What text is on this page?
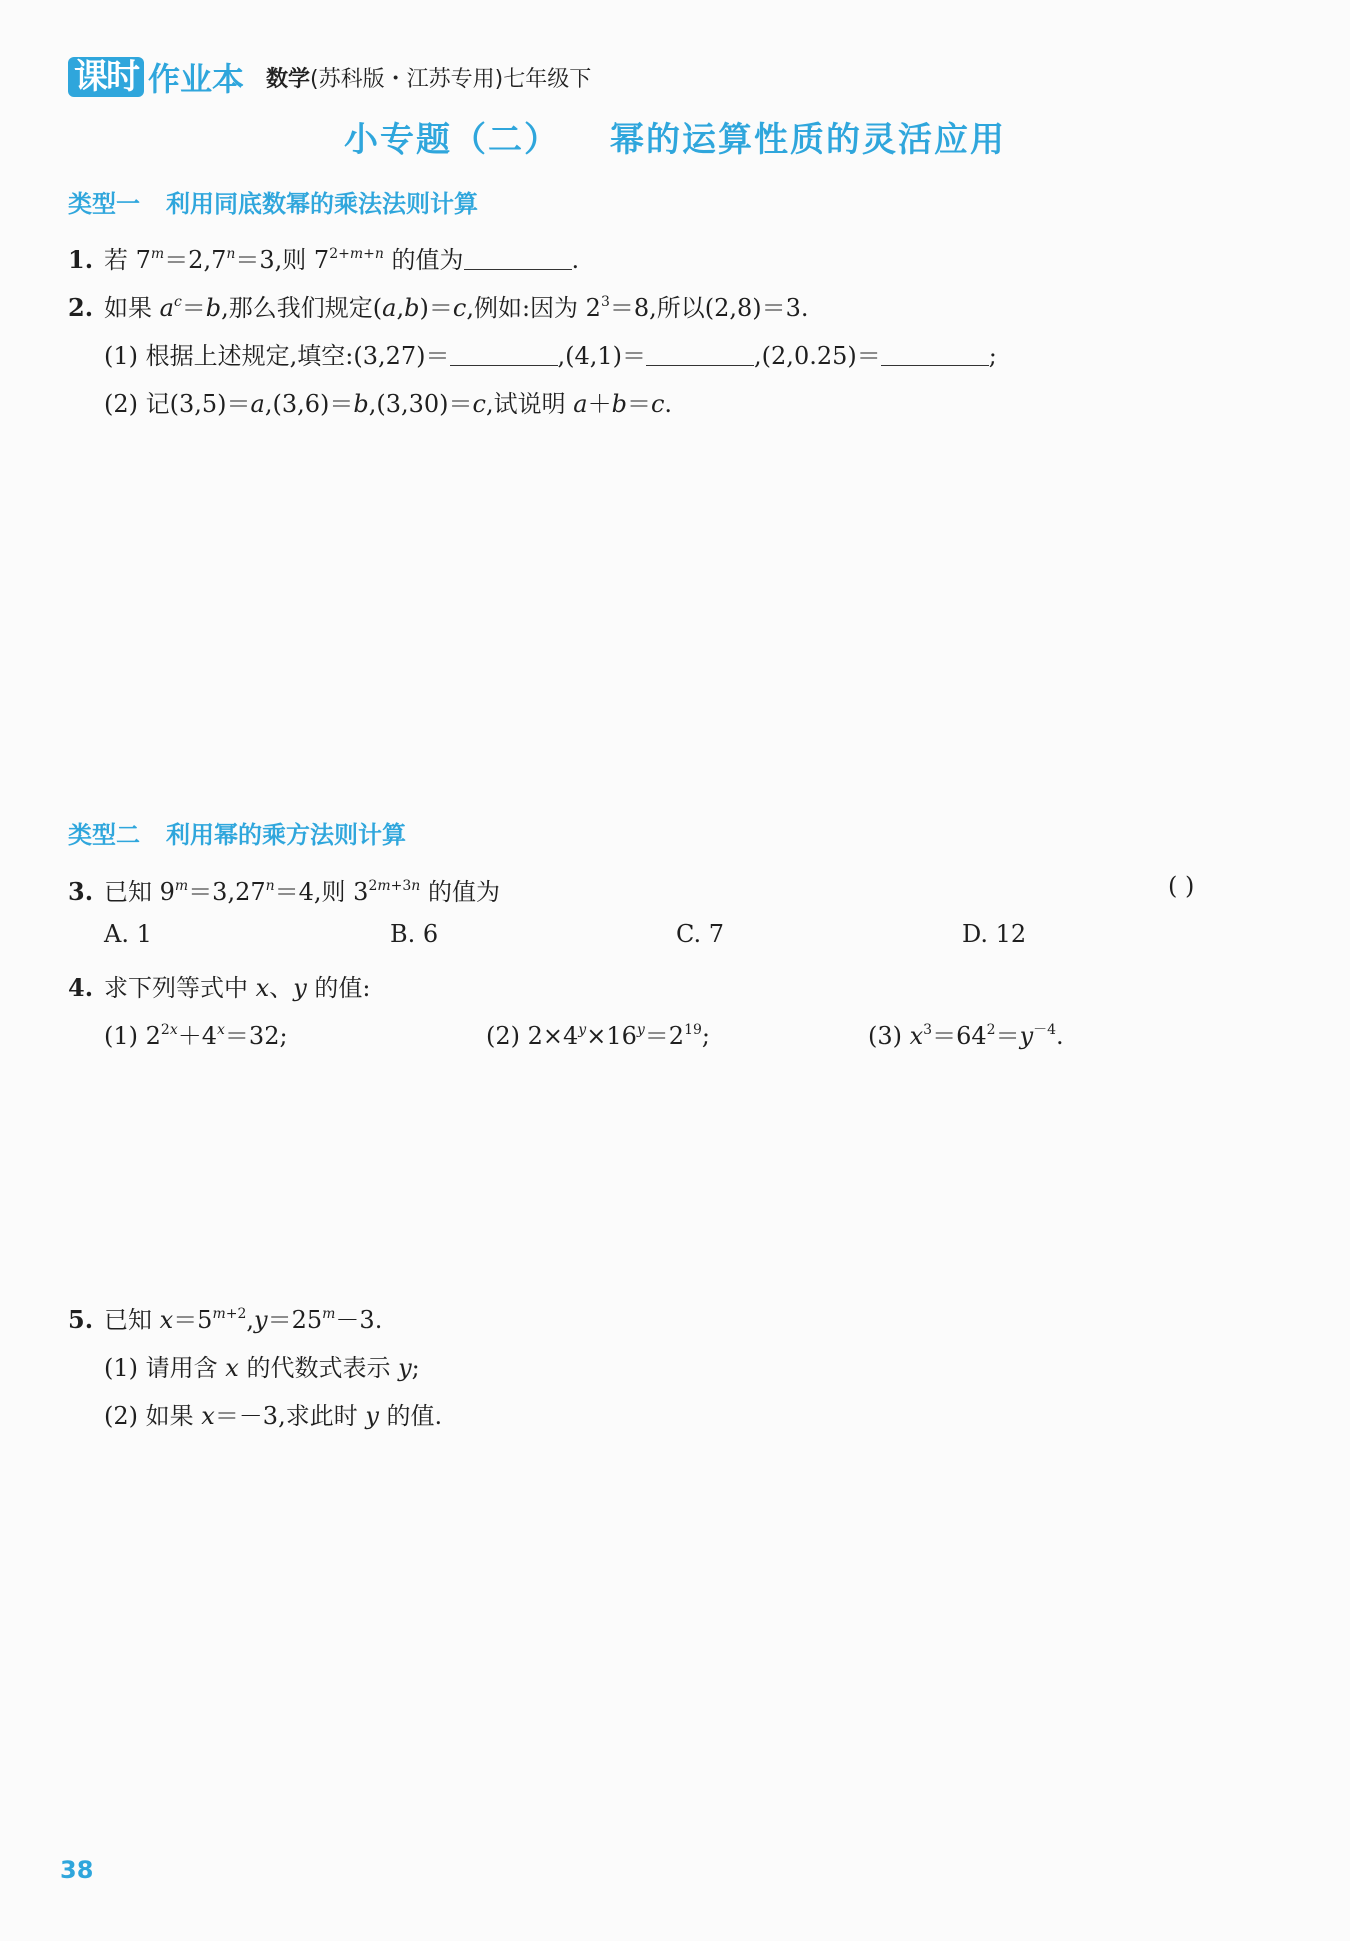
课时 作业本 数学(苏科版・江苏专用)七年级下
小专题（二） 幂的运算性质的灵活应用
类型一 利用同底数幂的乘法法则计算
1. 若 $7^m=2,7^n=3$,则 $7^{2+m+n}$ 的值为	.
2. 如果 $a^c=b$,那么我们规定(a,b)＝c,例如:因为 $2^3=8$,所以(2,8)＝3.
(1) 根据上述规定,填空:(3,27)＝	,(4,1)＝	,(2,0.25)＝	;
(2) 记(3,5)＝a,(3,6)＝b,(3,30)＝c,试说明 a＋b＝c.
类型二 利用幂的乘方法则计算
3. 已知 $9^m=3,27^n=4$,则 $3^{2m+3n}$ 的值为	( )
A. 1	B. 6	C. 7	D. 12
4. 求下列等式中 x、y 的值:
(1) $2^{2x}+4^x=32$;	(2) $2\times 4^y\times 16^y=2^{19}$;	(3) $x^3=64^2=y^{-4}$.
5. 已知 $x=5^{m+2},y=25^m-3$.
(1) 请用含 x 的代数式表示 y;
(2) 如果 x＝－3,求此时 y 的值.
38
